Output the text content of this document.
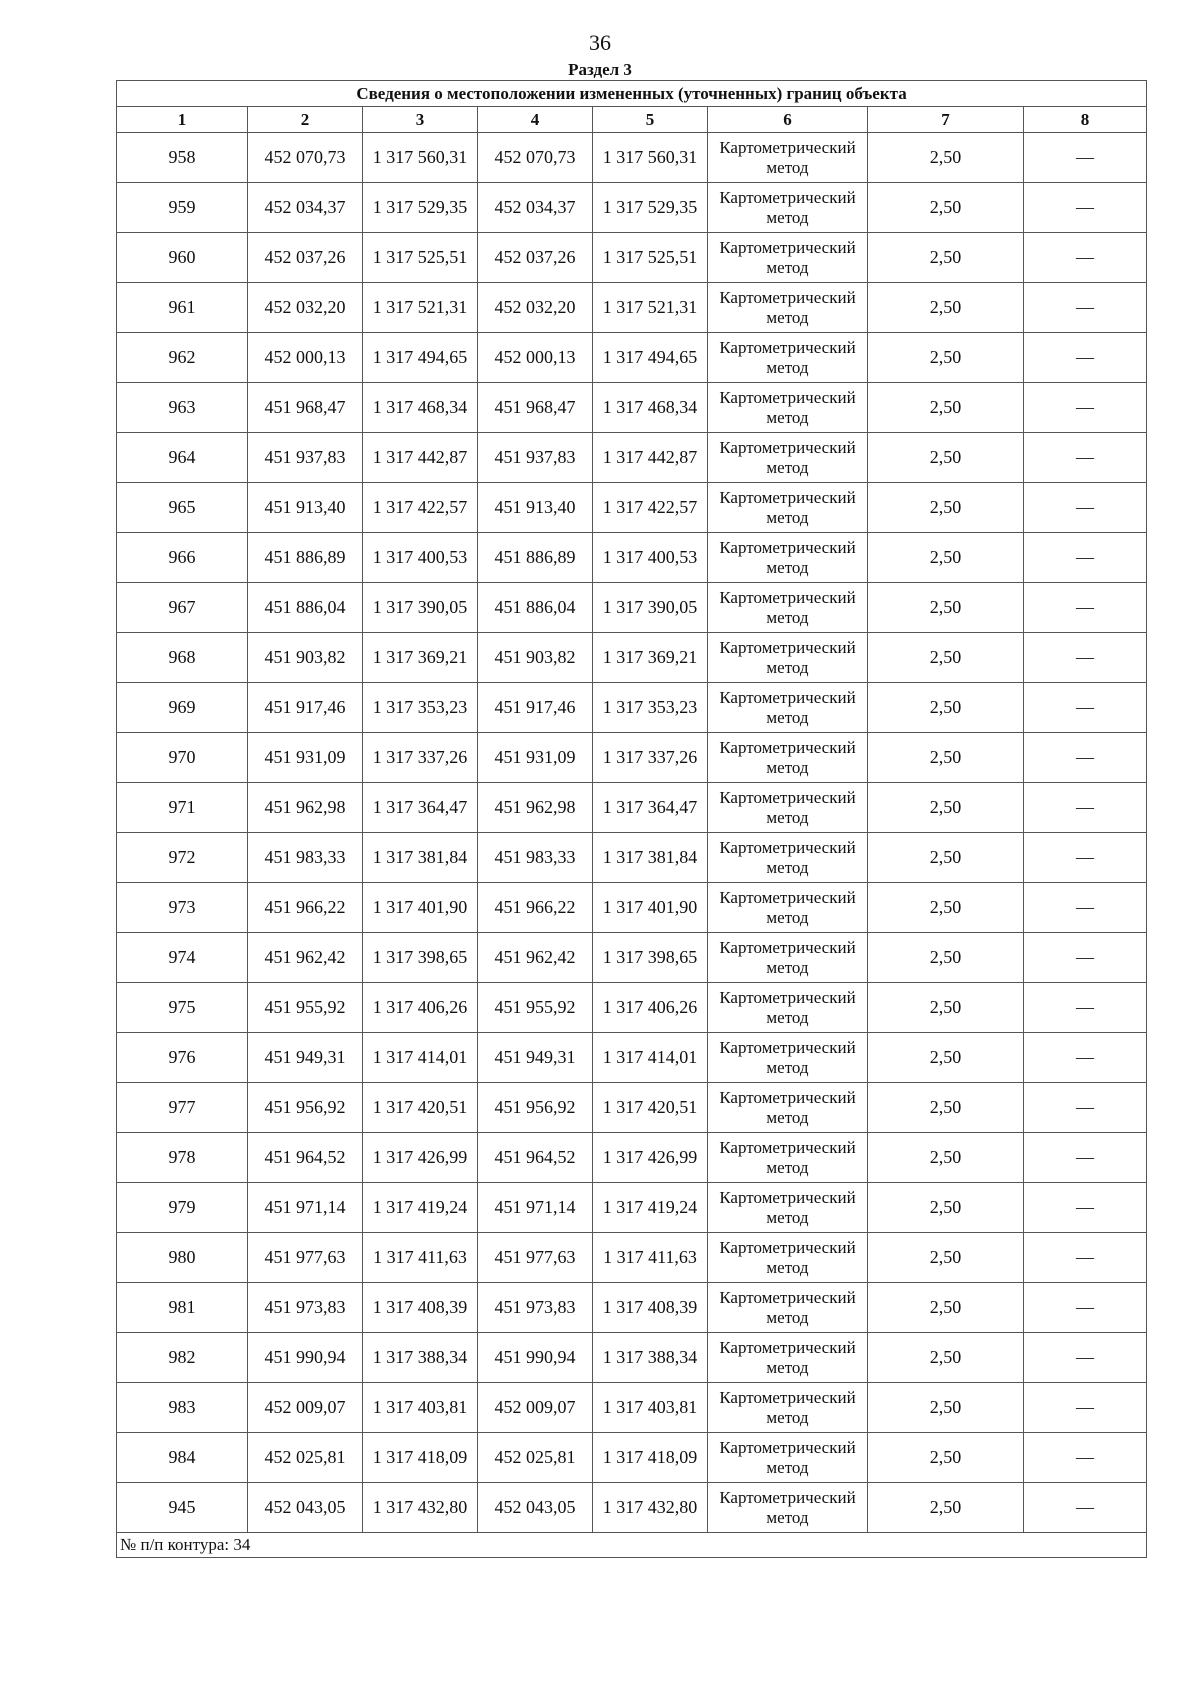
36
Раздел 3
Сведения о местоположении измененных (уточненных) границ объекта							
1	2	3	4	5	6	7	8
958	452 070,73	1 317 560,31	452 070,73	1 317 560,31	Картометрический метод	2,50	—
959	452 034,37	1 317 529,35	452 034,37	1 317 529,35	Картометрический метод	2,50	—
960	452 037,26	1 317 525,51	452 037,26	1 317 525,51	Картометрический метод	2,50	—
961	452 032,20	1 317 521,31	452 032,20	1 317 521,31	Картометрический метод	2,50	—
962	452 000,13	1 317 494,65	452 000,13	1 317 494,65	Картометрический метод	2,50	—
963	451 968,47	1 317 468,34	451 968,47	1 317 468,34	Картометрический метод	2,50	—
964	451 937,83	1 317 442,87	451 937,83	1 317 442,87	Картометрический метод	2,50	—
965	451 913,40	1 317 422,57	451 913,40	1 317 422,57	Картометрический метод	2,50	—
966	451 886,89	1 317 400,53	451 886,89	1 317 400,53	Картометрический метод	2,50	—
967	451 886,04	1 317 390,05	451 886,04	1 317 390,05	Картометрический метод	2,50	—
968	451 903,82	1 317 369,21	451 903,82	1 317 369,21	Картометрический метод	2,50	—
969	451 917,46	1 317 353,23	451 917,46	1 317 353,23	Картометрический метод	2,50	—
970	451 931,09	1 317 337,26	451 931,09	1 317 337,26	Картометрический метод	2,50	—
971	451 962,98	1 317 364,47	451 962,98	1 317 364,47	Картометрический метод	2,50	—
972	451 983,33	1 317 381,84	451 983,33	1 317 381,84	Картометрический метод	2,50	—
973	451 966,22	1 317 401,90	451 966,22	1 317 401,90	Картометрический метод	2,50	—
974	451 962,42	1 317 398,65	451 962,42	1 317 398,65	Картометрический метод	2,50	—
975	451 955,92	1 317 406,26	451 955,92	1 317 406,26	Картометрический метод	2,50	—
976	451 949,31	1 317 414,01	451 949,31	1 317 414,01	Картометрический метод	2,50	—
977	451 956,92	1 317 420,51	451 956,92	1 317 420,51	Картометрический метод	2,50	—
978	451 964,52	1 317 426,99	451 964,52	1 317 426,99	Картометрический метод	2,50	—
979	451 971,14	1 317 419,24	451 971,14	1 317 419,24	Картометрический метод	2,50	—
980	451 977,63	1 317 411,63	451 977,63	1 317 411,63	Картометрический метод	2,50	—
981	451 973,83	1 317 408,39	451 973,83	1 317 408,39	Картометрический метод	2,50	—
982	451 990,94	1 317 388,34	451 990,94	1 317 388,34	Картометрический метод	2,50	—
983	452 009,07	1 317 403,81	452 009,07	1 317 403,81	Картометрический метод	2,50	—
984	452 025,81	1 317 418,09	452 025,81	1 317 418,09	Картометрический метод	2,50	—
945	452 043,05	1 317 432,80	452 043,05	1 317 432,80	Картометрический метод	2,50	—
№ п/п контура: 34							
